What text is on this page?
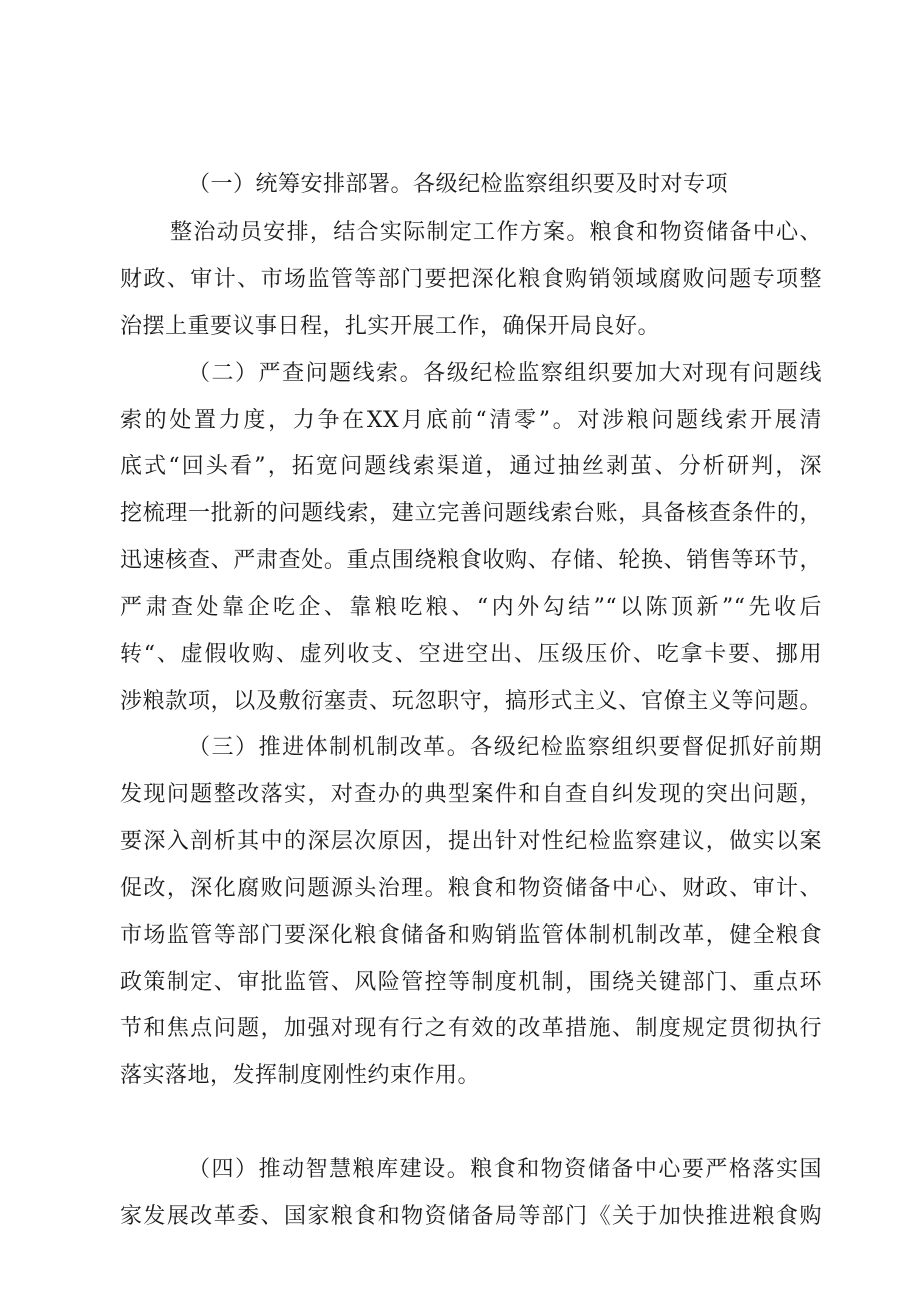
（一）统筹安排部署。各级纪检监察组织要及时对专项
整治动员安排，结合实际制定工作方案。粮食和物资储备中心、
财政、审计、市场监管等部门要把深化粮食购销领域腐败问题专项整
治摆上重要议事日程，扎实开展工作，确保开局良好。
（二）严查问题线索。各级纪检监察组织要加大对现有问题线
索的处置力度，力争在XX月底前“清零”。对涉粮问题线索开展清
底式“回头看”，拓宽问题线索渠道，通过抽丝剥茧、分析研判，深
挖梳理一批新的问题线索，建立完善问题线索台账，具备核查条件的，
迅速核查、严肃查处。重点围绕粮食收购、存储、轮换、销售等环节，
严肃查处靠企吃企、靠粮吃粮、“内外勾结”“以陈顶新”“先收后
转“、虚假收购、虚列收支、空进空出、压级压价、吃拿卡要、挪用
涉粮款项，以及敷衍塞责、玩忽职守，搞形式主义、官僚主义等问题。
（三）推进体制机制改革。各级纪检监察组织要督促抓好前期
发现问题整改落实，对查办的典型案件和自查自纠发现的突出问题，
要深入剖析其中的深层次原因，提出针对性纪检监察建议，做实以案
促改，深化腐败问题源头治理。粮食和物资储备中心、财政、审计、
市场监管等部门要深化粮食储备和购销监管体制机制改革，健全粮食
政策制定、审批监管、风险管控等制度机制，围绕关键部门、重点环
节和焦点问题，加强对现有行之有效的改革措施、制度规定贯彻执行
落实落地，发挥制度刚性约束作用。
（四）推动智慧粮库建设。粮食和物资储备中心要严格落实国
家发展改革委、国家粮食和物资储备局等部门《关于加快推进粮食购
